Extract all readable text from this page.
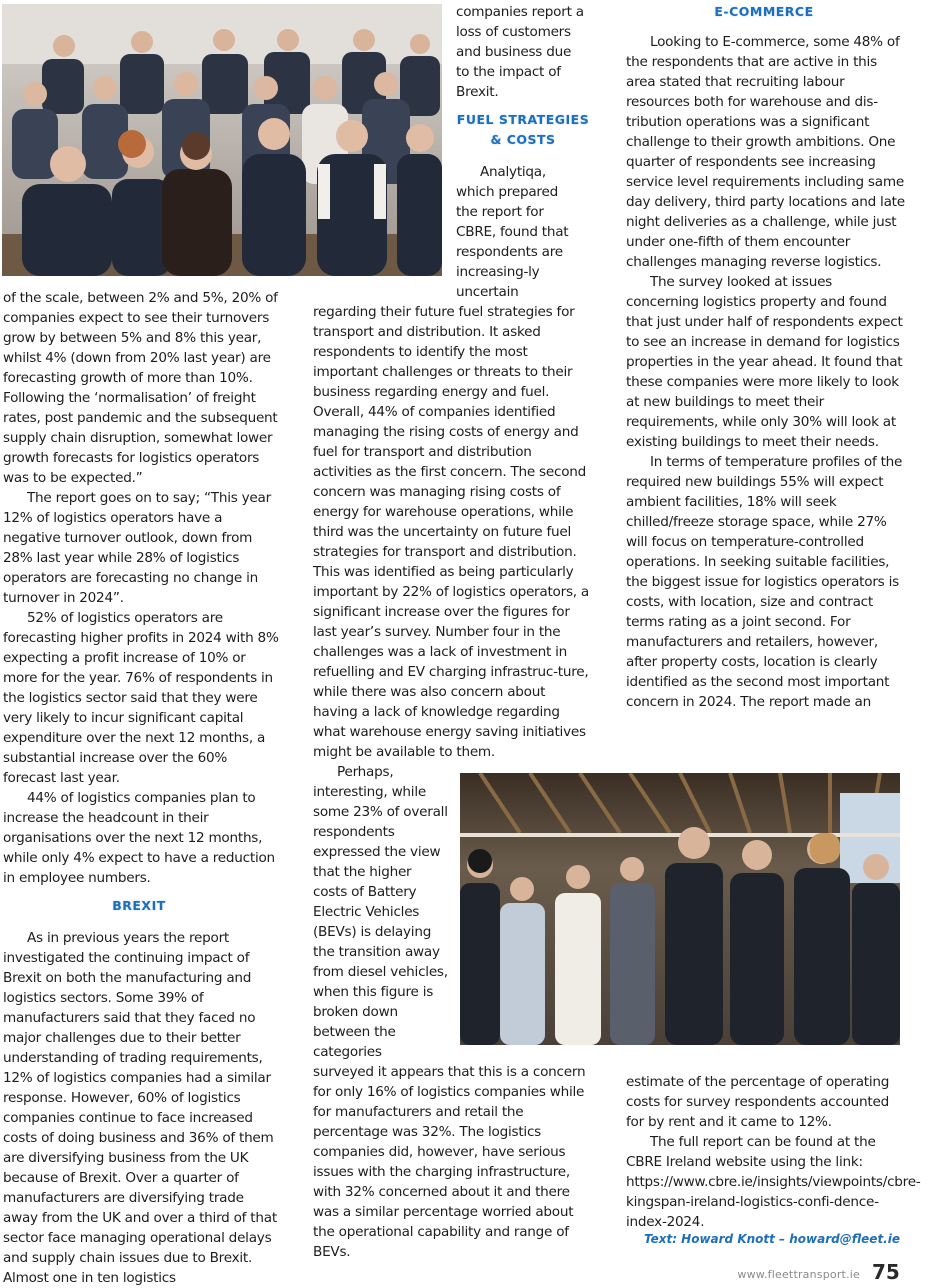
of the scale, between 2% and 5%, 20% of companies expect to see their turnovers grow by between 5% and 8% this year, whilst 4% (down from 20% last year) are forecasting growth of more than 10%. Following the ‘normalisation’ of freight rates, post pandemic and the subsequent supply chain disruption, somewhat lower growth forecasts for logistics operators was to be expected.”

The report goes on to say; “This year 12% of logistics operators have a negative turnover outlook, down from 28% last year while 28% of logistics operators are forecasting no change in turnover in 2024”.

52% of logistics operators are forecasting higher profits in 2024 with 8% expecting a profit increase of 10% or more for the year. 76% of respondents in the logistics sector said that they were very likely to incur significant capital expenditure over the next 12 months, a substantial increase over the 60% forecast last year.

44% of logistics companies plan to increase the headcount in their organisations over the next 12 months, while only 4% expect to have a reduction in employee numbers.

BREXIT

As in previous years the report investigated the continuing impact of Brexit on both the manufacturing and logistics sectors. Some 39% of manufacturers said that they faced no major challenges due to their better understanding of trading requirements, 12% of logistics companies had a similar response. However, 60% of logistics companies continue to face increased costs of doing business and 36% of them are diversifying business from the UK because of Brexit. Over a quarter of manufacturers are diversifying trade away from the UK and over a third of that sector face managing operational delays and supply chain issues due to Brexit. Almost one in ten logistics

companies report a loss of customers and business due to the impact of Brexit.

FUEL STRATEGIES
& COSTS

Analytiqa, which prepared the report for CBRE, found that respondents are increasing-ly uncertain

regarding their future fuel strategies for transport and distribution. It asked respondents to identify the most important challenges or threats to their business regarding energy and fuel. Overall, 44% of companies identified managing the rising costs of energy and fuel for transport and distribution activities as the first concern. The second concern was managing rising costs of energy for warehouse operations, while third was the uncertainty on future fuel strategies for transport and distribution. This was identified as being particularly important by 22% of logistics operators, a significant increase over the figures for last year’s survey. Number four in the challenges was a lack of investment in refuelling and EV charging infrastruc-ture, while there was also concern about having a lack of knowledge regarding what warehouse energy saving initiatives might be available to them.

Perhaps, interesting, while some 23% of overall respondents expressed the view that the higher costs of Battery Electric Vehicles (BEVs) is delaying the transition away from diesel vehicles, when this figure is broken down between the categories

surveyed it appears that this is a concern for only 16% of logistics companies while for manufacturers and retail the percentage was 32%. The logistics companies did, however, have serious issues with the charging infrastructure, with 32% concerned about it and there was a similar percentage worried about the operational capability and range of BEVs.

E-COMMERCE

Looking to E-commerce, some 48% of the respondents that are active in this area stated that recruiting labour resources both for warehouse and dis-tribution operations was a significant challenge to their growth ambitions. One quarter of respondents see increasing service level requirements including same day delivery, third party locations and late night deliveries as a challenge, while just under one-fifth of them encounter challenges managing reverse logistics.

The survey looked at issues concerning logistics property and found that just under half of respondents expect to see an increase in demand for logistics properties in the year ahead. It found that these companies were more likely to look at new buildings to meet their requirements, while only 30% will look at existing buildings to meet their needs.

In terms of temperature profiles of the required new buildings 55% will expect ambient facilities, 18% will seek chilled/freeze storage space, while 27% will focus on temperature-controlled operations. In seeking suitable facilities, the biggest issue for logistics operators is costs, with location, size and contract terms rating as a joint second. For manufacturers and retailers, however, after property costs, location is clearly identified as the second most important concern in 2024. The report made an

estimate of the percentage of operating costs for survey respondents accounted for by rent and it came to 12%.

The full report can be found at the CBRE Ireland website using the link: https://www.cbre.ie/insights/viewpoints/cbre-kingspan-ireland-logistics-confi-dence-index-2024.

Text: Howard Knott – howard@fleet.ie
www.fleettransport.ie 75
